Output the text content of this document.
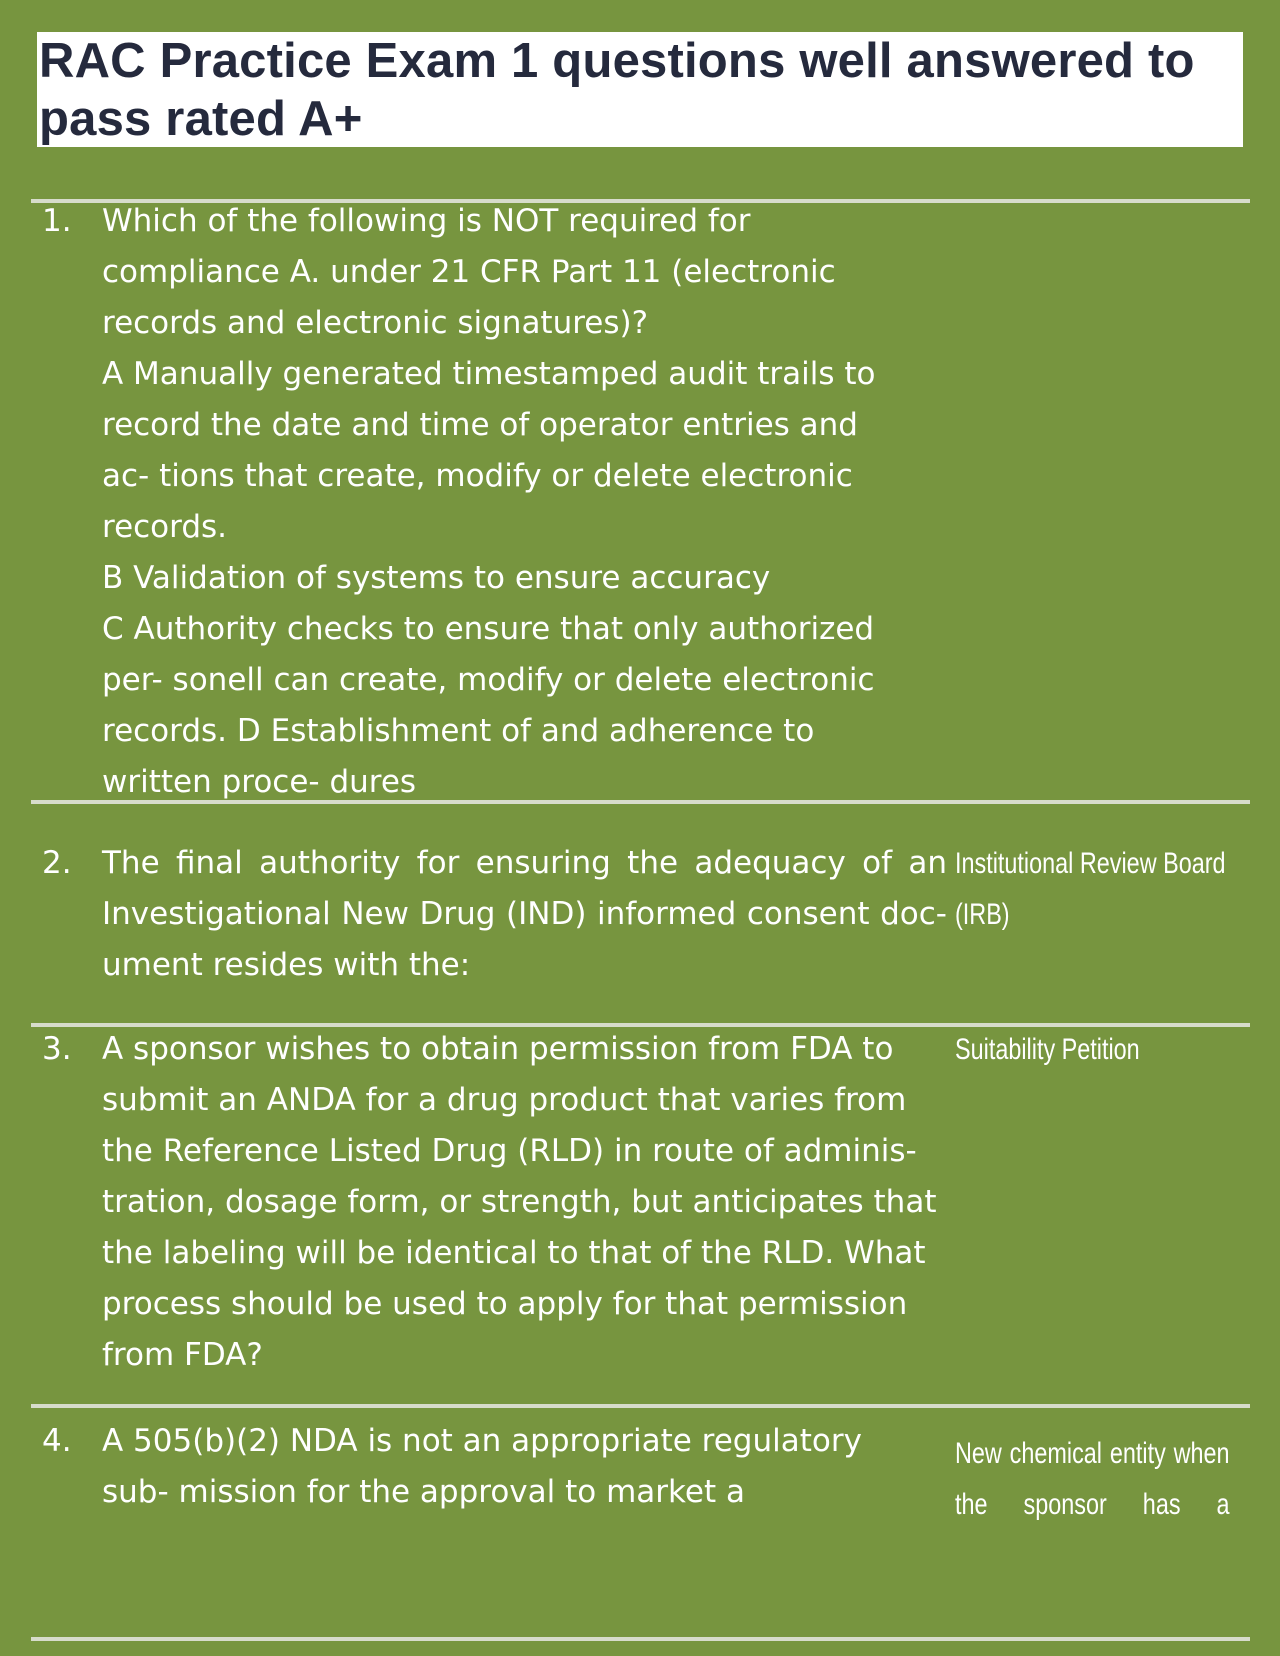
RAC Practice Exam 1 questions well answered to pass rated A+
1. Which of the following is NOT required for compliance A. under 21 CFR Part 11 (electronic records and electronic signatures)?

A Manually generated timestamped audit trails to record the date and time of operator entries and ac- tions that create, modify or delete electronic records.

B Validation of systems to ensure accuracy

C Authority checks to ensure that only authorized per- sonell can create, modify or delete electronic records. D Establishment of and adherence to written proce- dures

2. The final authority for ensuring the adequacy of an Investigational New Drug (IND) informed consent doc- ument resides with the:

Institutional Review Board (IRB)
3. A sponsor wishes to obtain permission from FDA to submit an ANDA for a drug product that varies from the Reference Listed Drug (RLD) in route of adminis- tration, dosage form, or strength, but anticipates that the labeling will be identical to that of the RLD. What process should be used to apply for that permission from FDA?

Suitability Petition
4. A 505(b)(2) NDA is not an appropriate regulatory sub- mission for the approval to market a

New chemical entity when the sponsor has a
